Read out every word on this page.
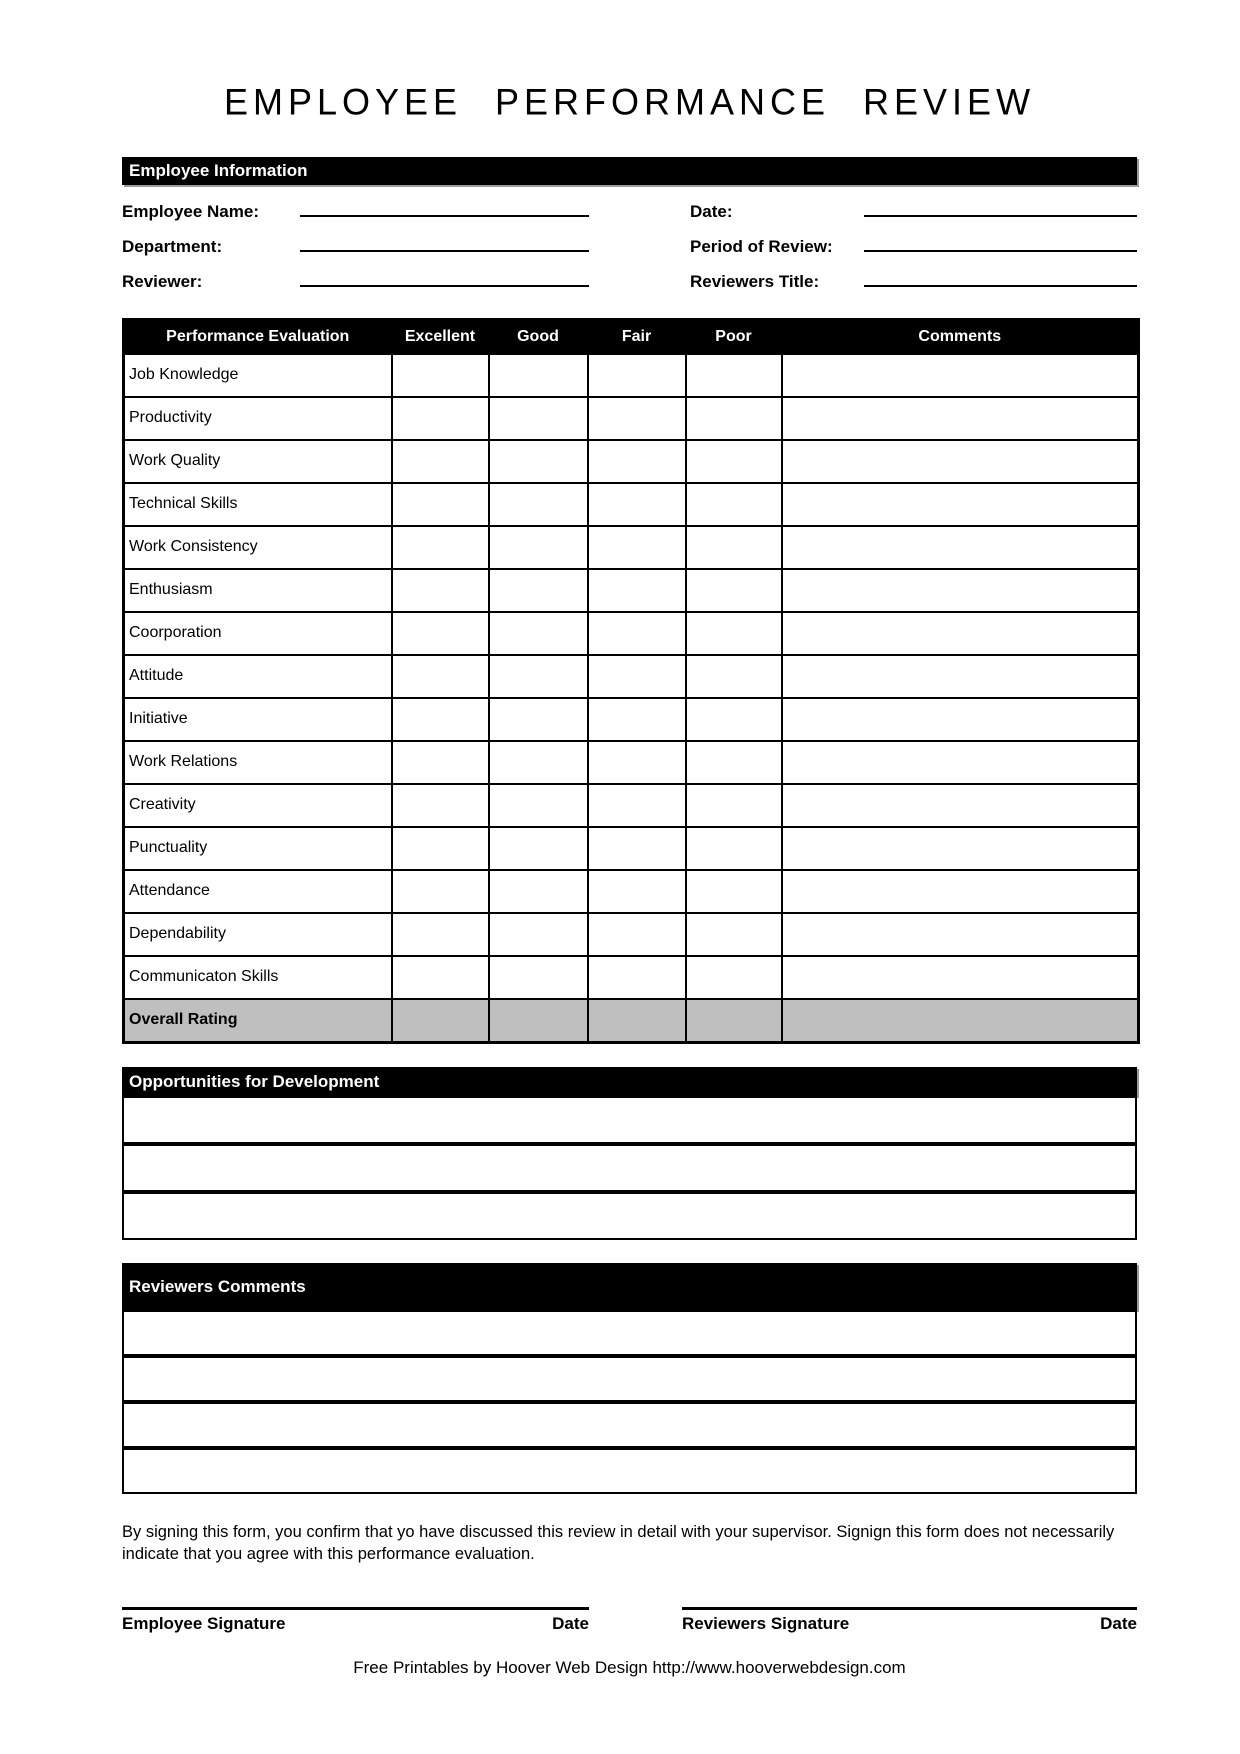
EMPLOYEE PERFORMANCE REVIEW
Employee Information
Employee Name:	Date:
Department:	Period of Review:
Reviewer:	Reviewers Title:
Performance Evaluation	Excellent	Good	Fair	Poor	Comments
Job Knowledge					
Productivity					
Work Quality					
Technical Skills					
Work Consistency					
Enthusiasm					
Coorporation					
Attitude					
Initiative					
Work Relations					
Creativity					
Punctuality					
Attendance					
Dependability					
Communicaton Skills					
Overall Rating					
Opportunities for Development
Reviewers Comments
By signing this form, you confirm that yo have discussed this review in detail with your supervisor. Signign this form does not necessarily indicate that you agree with this performance evaluation.
Employee Signature	Date	Reviewers Signature	Date
Free Printables by Hoover Web Design http://www.hooverwebdesign.com
